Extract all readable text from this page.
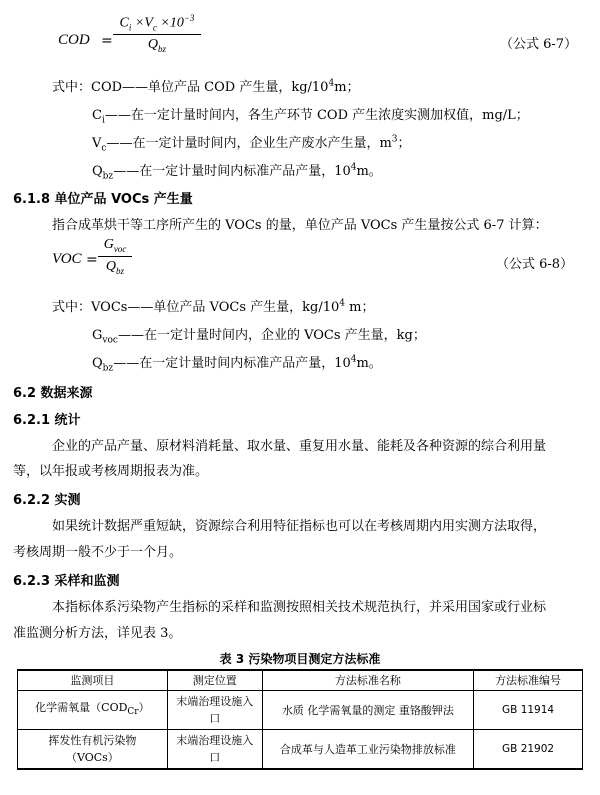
COD =
$C_i \times V_c \times 10^{-3}$
$Q_{bz}$	（公式 6-7）
式中：COD——单位产品 COD 产生量，$kg/10^4m$；
$C_i——$在一定计量时间内，各生产环节 COD 产生浓度实测加权值，mg/L；
$V_c——$在一定计量时间内，企业生产废水产生量，$m^3$；
$Q_{bz}——$在一定计量时间内标准产品产量，$10^4m$。
6.1.8 单位产品 VOCs 产生量
指合成革烘干等工序所产生的 VOCs 的量，单位产品 VOCs 产生量按公式 6-7 计算：
VOC =
$G_{voc}$
$Q_{bz}$	（公式 6-8）
式中：VOCs——单位产品 VOCs 产生量，$kg/10^4$ m；
$G_{voc}——$在一定计量时间内，企业的 VOCs 产生量，kg；
$Q_{bz}——$在一定计量时间内标准产品产量，$10^4m$。
6.2 数据来源
6.2.1 统计
企业的产品产量、原材料消耗量、取水量、重复用水量、能耗及各种资源的综合利用量
等，以年报或考核周期报表为准。
6.2.2 实测
如果统计数据严重短缺，资源综合利用特征指标也可以在考核周期内用实测方法取得，
考核周期一般不少于一个月。
6.2.3 采样和监测
本指标体系污染物产生指标的采样和监测按照相关技术规范执行，并采用国家或行业标
准监测分析方法，详见表 3。
表 3 污染物项目测定方法标准
监测项目	测定位置	方法标准名称	方法标准编号
化学需氧量$(COD_{Cr})$	末端治理设施入口	水质 化学需氧量的测定 重铬酸钾法	GB 11914
挥发性有机污染物
（VOCs）	末端治理设施入口	合成革与人造革工业污染物排放标准	GB 21902
